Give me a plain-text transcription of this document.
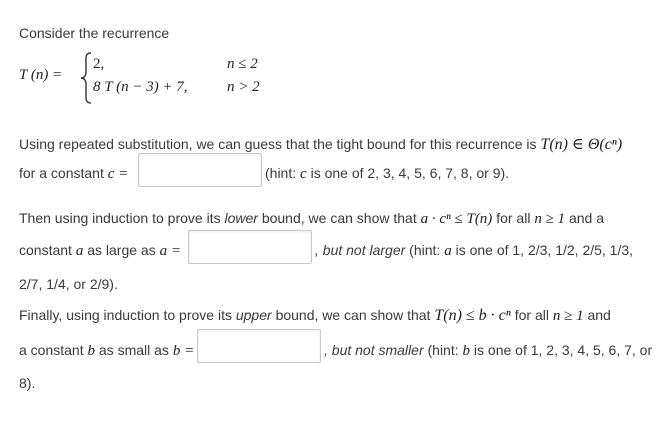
Consider the recurrence
T (n) =
2,	n ≤ 2
8 T (n − 3) + 7,	n > 2
Using repeated substitution, we can guess that the tight bound for this recurrence is T(n) ∈ Θ(cⁿ)
for a constant c =	(hint: c is one of 2, 3, 4, 5, 6, 7, 8, or 9).
Then using induction to prove its lower bound, we can show that a · cⁿ ≤ T(n) for all n ≥ 1 and a
constant a as large as a =	, but not larger (hint: a is one of 1, 2/3, 1/2, 2/5, 1/3,
2/7, 1/4, or 2/9).
Finally, using induction to prove its upper bound, we can show that T(n) ≤ b · cⁿ for all n ≥ 1 and
a constant b as small as b =	, but not smaller (hint: b is one of 1, 2, 3, 4, 5, 6, 7, or
8).
